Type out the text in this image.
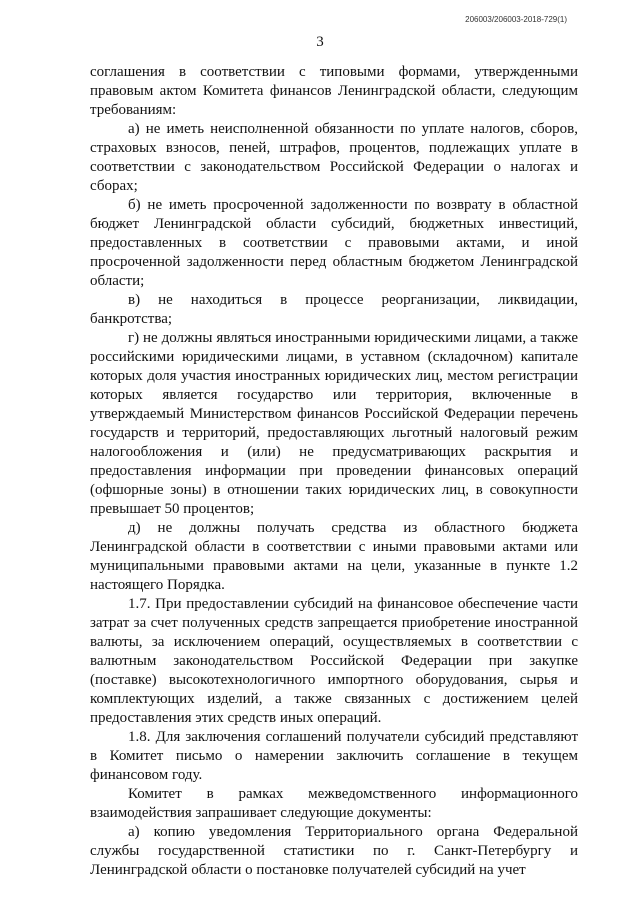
206003/206003-2018-729(1)
3

соглашения в соответствии с типовыми формами, утвержденными правовым актом Комитета финансов Ленинградской области, следующим требованиям:

а) не иметь неисполненной обязанности по уплате налогов, сборов, страховых взносов, пеней, штрафов, процентов, подлежащих уплате в соответствии с законодательством Российской Федерации о налогах и сборах;

б) не иметь просроченной задолженности по возврату в областной бюджет Ленинградской области субсидий, бюджетных инвестиций, предоставленных в соответствии с правовыми актами, и иной просроченной задолженности перед областным бюджетом Ленинградской области;

в) не находиться в процессе реорганизации, ликвидации, банкротства;

г) не должны являться иностранными юридическими лицами, а также российскими юридическими лицами, в уставном (складочном) капитале которых доля участия иностранных юридических лиц, местом регистрации которых является государство или территория, включенные в утверждаемый Министерством финансов Российской Федерации перечень государств и территорий, предоставляющих льготный налоговый режим налогообложения и (или) не предусматривающих раскрытия и предоставления информации при проведении финансовых операций (офшорные зоны) в отношении таких юридических лиц, в совокупности превышает 50 процентов;

д) не должны получать средства из областного бюджета Ленинградской области в соответствии с иными правовыми актами или муниципальными правовыми актами на цели, указанные в пункте 1.2 настоящего Порядка.

1.7. При предоставлении субсидий на финансовое обеспечение части затрат за счет полученных средств запрещается приобретение иностранной валюты, за исключением операций, осуществляемых в соответствии с валютным законодательством Российской Федерации при закупке (поставке) высокотехнологичного импортного оборудования, сырья и комплектующих изделий, а также связанных с достижением целей предоставления этих средств иных операций.

1.8. Для заключения соглашений получатели субсидий представляют в Комитет письмо о намерении заключить соглашение в текущем финансовом году.

Комитет в рамках межведомственного информационного взаимодействия запрашивает следующие документы:

а) копию уведомления Территориального органа Федеральной службы государственной статистики по г. Санкт-Петербургу и Ленинградской области о постановке получателей субсидий на учет
